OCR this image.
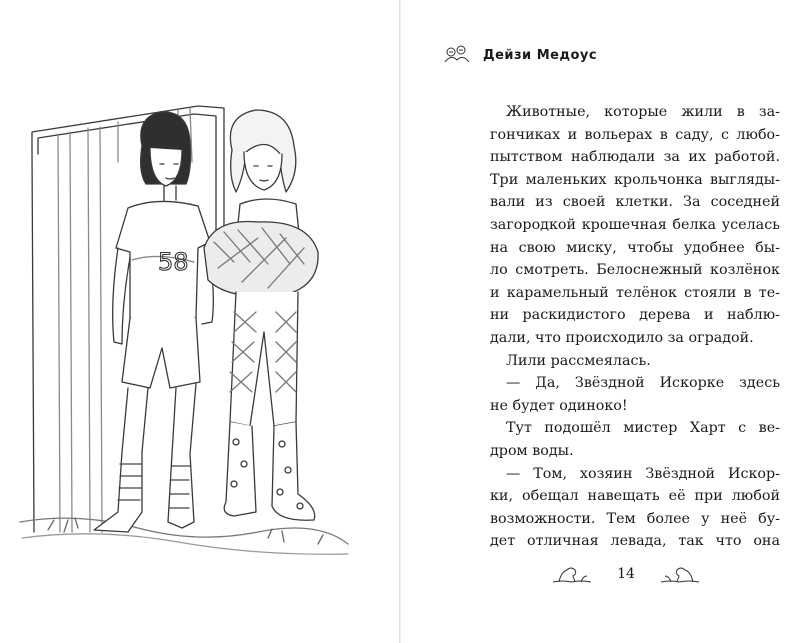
58
Дейзи Медоус
Животные, которые жили в за-
гончиках и вольерах в саду, с любо-
пытством наблюдали за их работой.
Три маленьких крольчонка выгляды-
вали из своей клетки. За соседней
загородкой крошечная белка уселась
на свою миску, чтобы удобнее бы-
ло смотреть. Белоснежный козлёнок
и карамельный телёнок стояли в те-
ни раскидистого дерева и наблю-
дали, что происходило за оградой.
Лили рассмеялась.
— Да, Звёздной Искорке здесь
не будет одиноко!
Тут подошёл мистер Харт с ве-
дром воды.
— Том, хозяин Звёздной Искор-
ки, обещал навещать её при любой
возможности. Тем более у неё бу-
дет отличная левада, так что она
14
